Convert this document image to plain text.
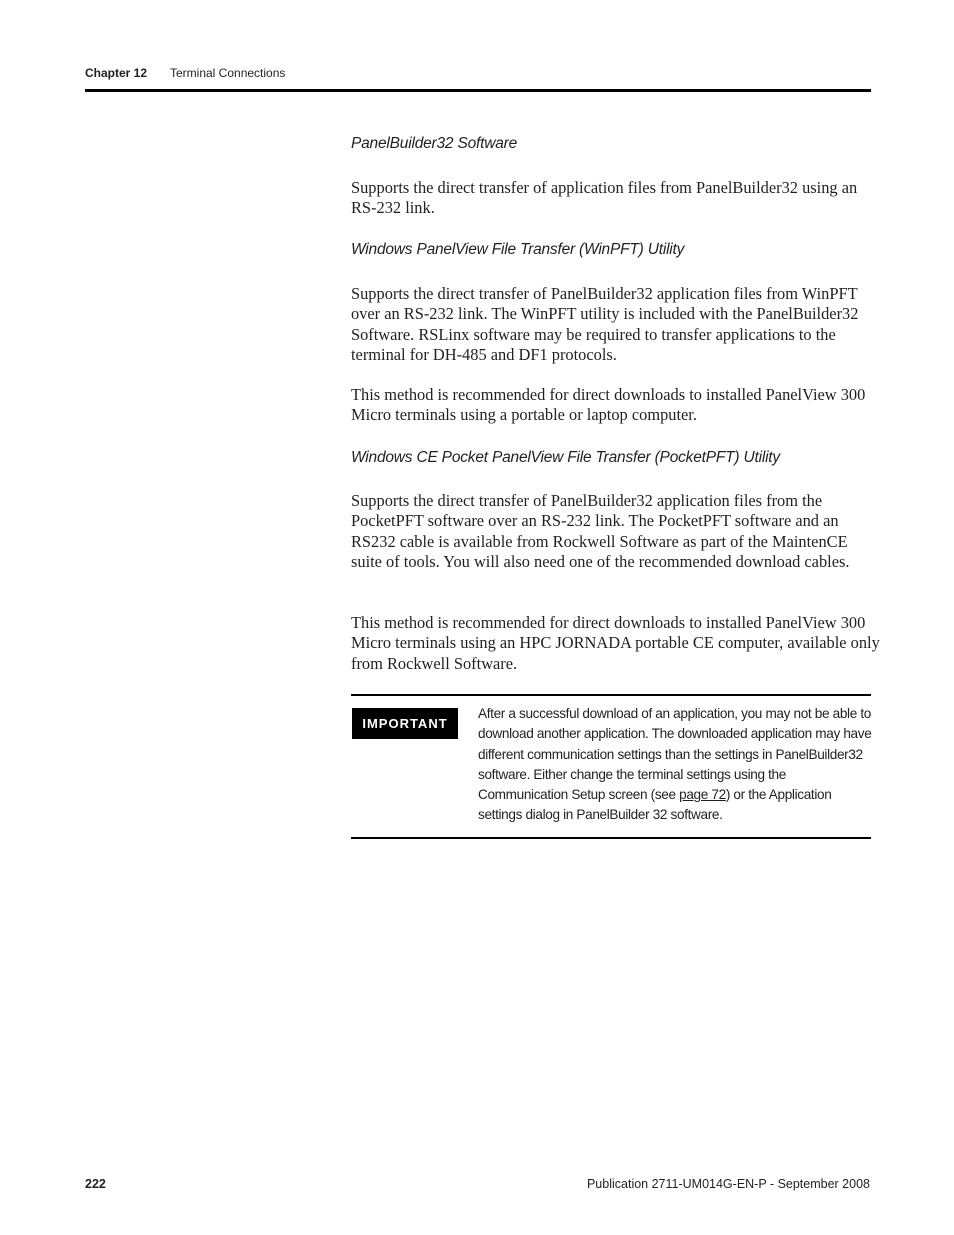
Chapter 12 Terminal Connections

PanelBuilder32 Software

Supports the direct transfer of application files from PanelBuilder32 using an RS-232 link.

Windows PanelView File Transfer (WinPFT) Utility

Supports the direct transfer of PanelBuilder32 application files from WinPFT over an RS-232 link. The WinPFT utility is included with the PanelBuilder32 Software. RSLinx software may be required to transfer applications to the terminal for DH-485 and DF1 protocols.

This method is recommended for direct downloads to installed PanelView 300 Micro terminals using a portable or laptop computer.

Windows CE Pocket PanelView File Transfer (PocketPFT) Utility

Supports the direct transfer of PanelBuilder32 application files from the PocketPFT software over an RS-232 link. The PocketPFT software and an RS232 cable is available from Rockwell Software as part of the MaintenCE suite of tools. You will also need one of the recommended download cables.

This method is recommended for direct downloads to installed PanelView 300 Micro terminals using an HPC JORNADA portable CE computer, available only from Rockwell Software.

IMPORTANT

After a successful download of an application, you may not be able to download another application. The downloaded application may have different communication settings than the settings in PanelBuilder32 software. Either change the terminal settings using the Communication Setup screen (see page 72) or the Application settings dialog in PanelBuilder 32 software.

222	Publication 2711-UM014G-EN-P - September 2008
